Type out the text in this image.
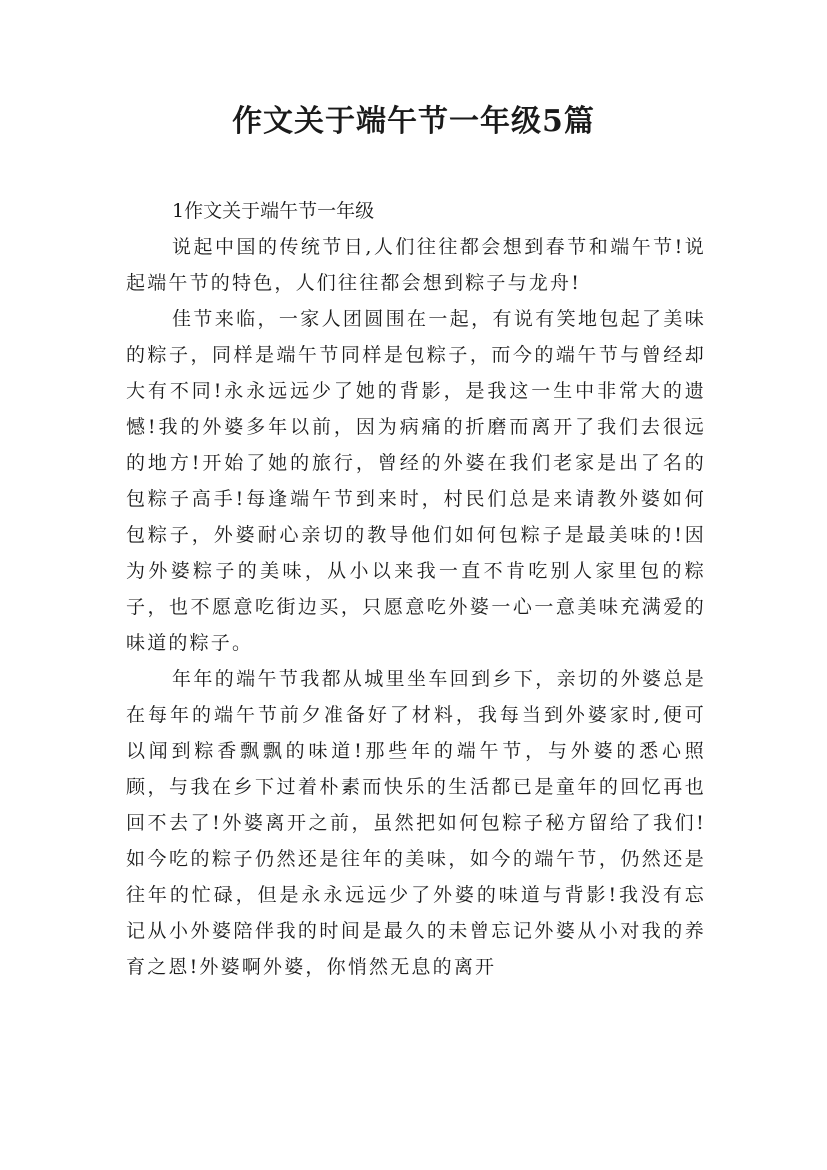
作文关于端午节一年级5篇

1作文关于端午节一年级

说起中国的传统节日,人们往往都会想到春节和端午节!说起端午节的特色，人们往往都会想到粽子与龙舟!

佳节来临，一家人团圆围在一起，有说有笑地包起了美味的粽子，同样是端午节同样是包粽子，而今的端午节与曾经却大有不同!永永远远少了她的背影，是我这一生中非常大的遗憾!我的外婆多年以前，因为病痛的折磨而离开了我们去很远的地方!开始了她的旅行，曾经的外婆在我们老家是出了名的包粽子高手!每逢端午节到来时，村民们总是来请教外婆如何包粽子，外婆耐心亲切的教导他们如何包粽子是最美味的!因为外婆粽子的美味，从小以来我一直不肯吃别人家里包的粽子，也不愿意吃街边买，只愿意吃外婆一心一意美味充满爱的味道的粽子。

年年的端午节我都从城里坐车回到乡下，亲切的外婆总是在每年的端午节前夕准备好了材料，我每当到外婆家时,便可以闻到粽香飘飘的味道!那些年的端午节，与外婆的悉心照顾，与我在乡下过着朴素而快乐的生活都已是童年的回忆再也回不去了!外婆离开之前，虽然把如何包粽子秘方留给了我们!如今吃的粽子仍然还是往年的美味，如今的端午节，仍然还是往年的忙碌，但是永永远远少了外婆的味道与背影!我没有忘记从小外婆陪伴我的时间是最久的未曾忘记外婆从小对我的养育之恩!外婆啊外婆，你悄然无息的离开
